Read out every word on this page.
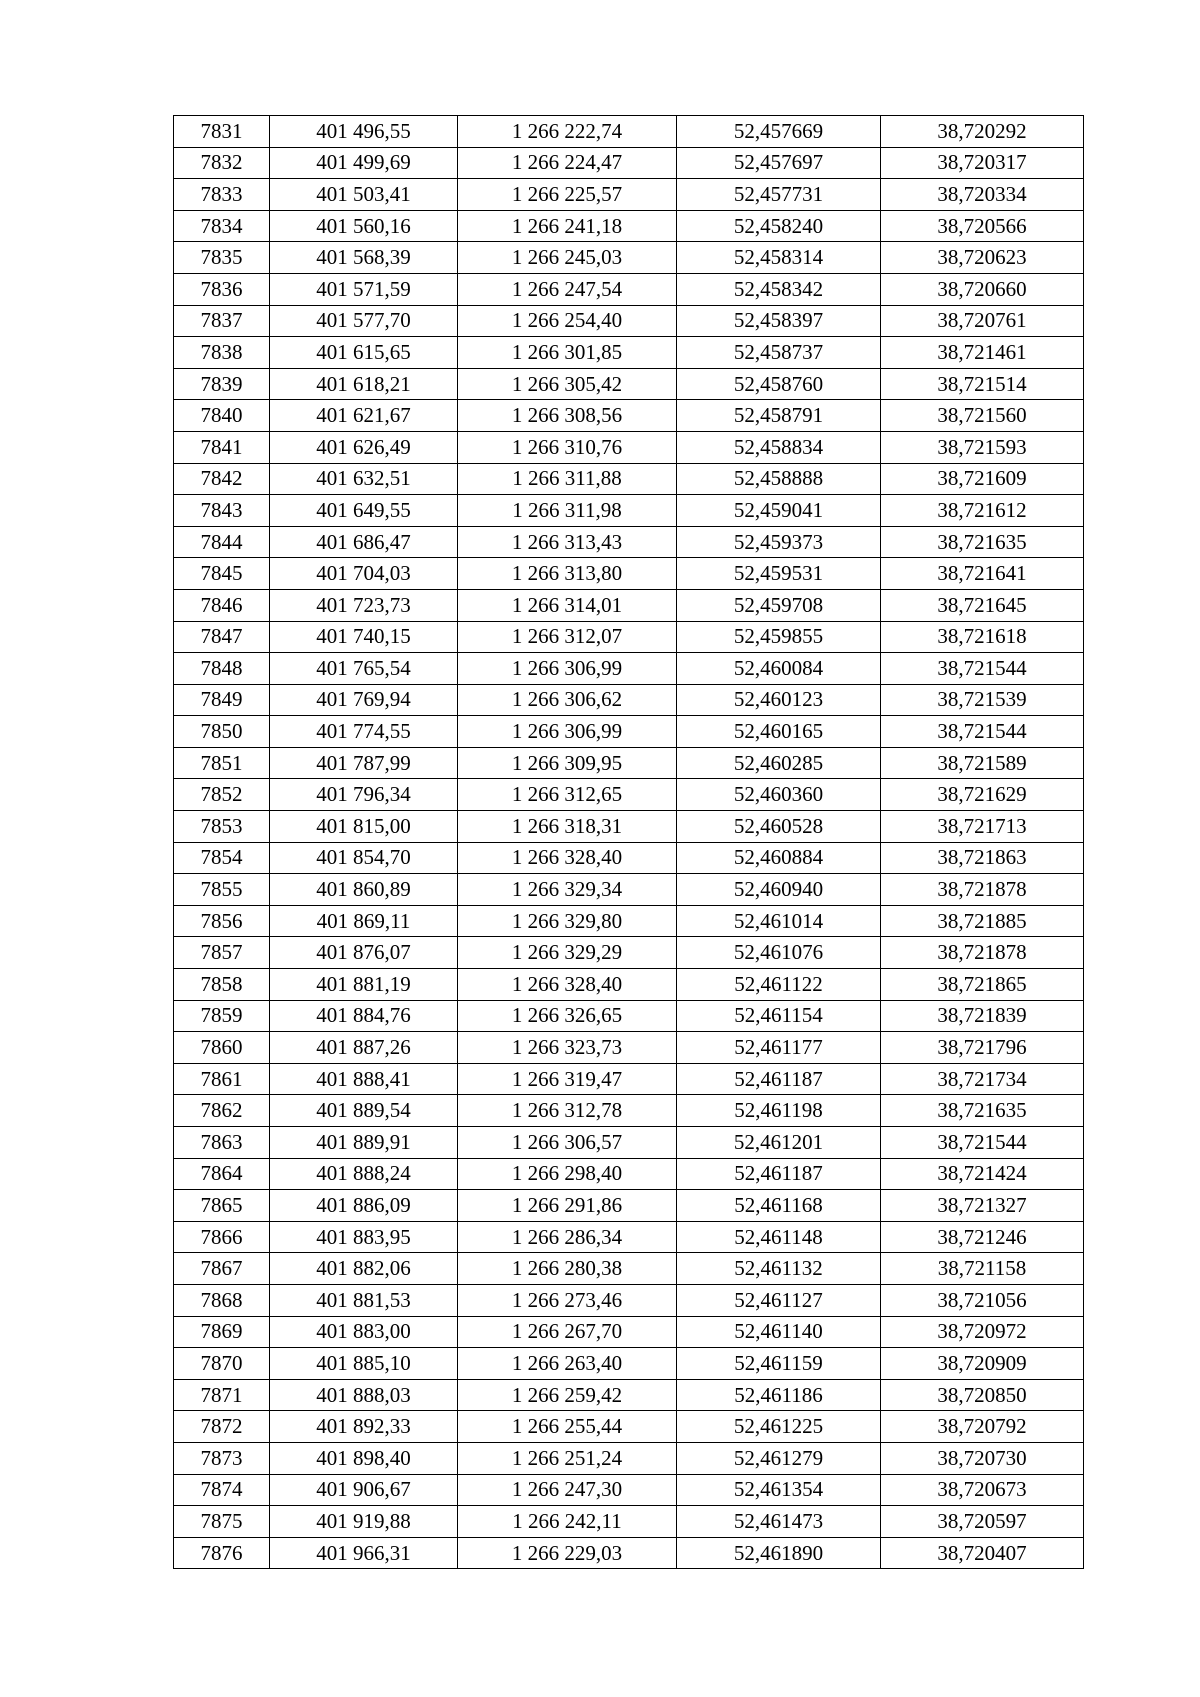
7831	401 496,55	1 266 222,74	52,457669	38,720292
7832	401 499,69	1 266 224,47	52,457697	38,720317
7833	401 503,41	1 266 225,57	52,457731	38,720334
7834	401 560,16	1 266 241,18	52,458240	38,720566
7835	401 568,39	1 266 245,03	52,458314	38,720623
7836	401 571,59	1 266 247,54	52,458342	38,720660
7837	401 577,70	1 266 254,40	52,458397	38,720761
7838	401 615,65	1 266 301,85	52,458737	38,721461
7839	401 618,21	1 266 305,42	52,458760	38,721514
7840	401 621,67	1 266 308,56	52,458791	38,721560
7841	401 626,49	1 266 310,76	52,458834	38,721593
7842	401 632,51	1 266 311,88	52,458888	38,721609
7843	401 649,55	1 266 311,98	52,459041	38,721612
7844	401 686,47	1 266 313,43	52,459373	38,721635
7845	401 704,03	1 266 313,80	52,459531	38,721641
7846	401 723,73	1 266 314,01	52,459708	38,721645
7847	401 740,15	1 266 312,07	52,459855	38,721618
7848	401 765,54	1 266 306,99	52,460084	38,721544
7849	401 769,94	1 266 306,62	52,460123	38,721539
7850	401 774,55	1 266 306,99	52,460165	38,721544
7851	401 787,99	1 266 309,95	52,460285	38,721589
7852	401 796,34	1 266 312,65	52,460360	38,721629
7853	401 815,00	1 266 318,31	52,460528	38,721713
7854	401 854,70	1 266 328,40	52,460884	38,721863
7855	401 860,89	1 266 329,34	52,460940	38,721878
7856	401 869,11	1 266 329,80	52,461014	38,721885
7857	401 876,07	1 266 329,29	52,461076	38,721878
7858	401 881,19	1 266 328,40	52,461122	38,721865
7859	401 884,76	1 266 326,65	52,461154	38,721839
7860	401 887,26	1 266 323,73	52,461177	38,721796
7861	401 888,41	1 266 319,47	52,461187	38,721734
7862	401 889,54	1 266 312,78	52,461198	38,721635
7863	401 889,91	1 266 306,57	52,461201	38,721544
7864	401 888,24	1 266 298,40	52,461187	38,721424
7865	401 886,09	1 266 291,86	52,461168	38,721327
7866	401 883,95	1 266 286,34	52,461148	38,721246
7867	401 882,06	1 266 280,38	52,461132	38,721158
7868	401 881,53	1 266 273,46	52,461127	38,721056
7869	401 883,00	1 266 267,70	52,461140	38,720972
7870	401 885,10	1 266 263,40	52,461159	38,720909
7871	401 888,03	1 266 259,42	52,461186	38,720850
7872	401 892,33	1 266 255,44	52,461225	38,720792
7873	401 898,40	1 266 251,24	52,461279	38,720730
7874	401 906,67	1 266 247,30	52,461354	38,720673
7875	401 919,88	1 266 242,11	52,461473	38,720597
7876	401 966,31	1 266 229,03	52,461890	38,720407
